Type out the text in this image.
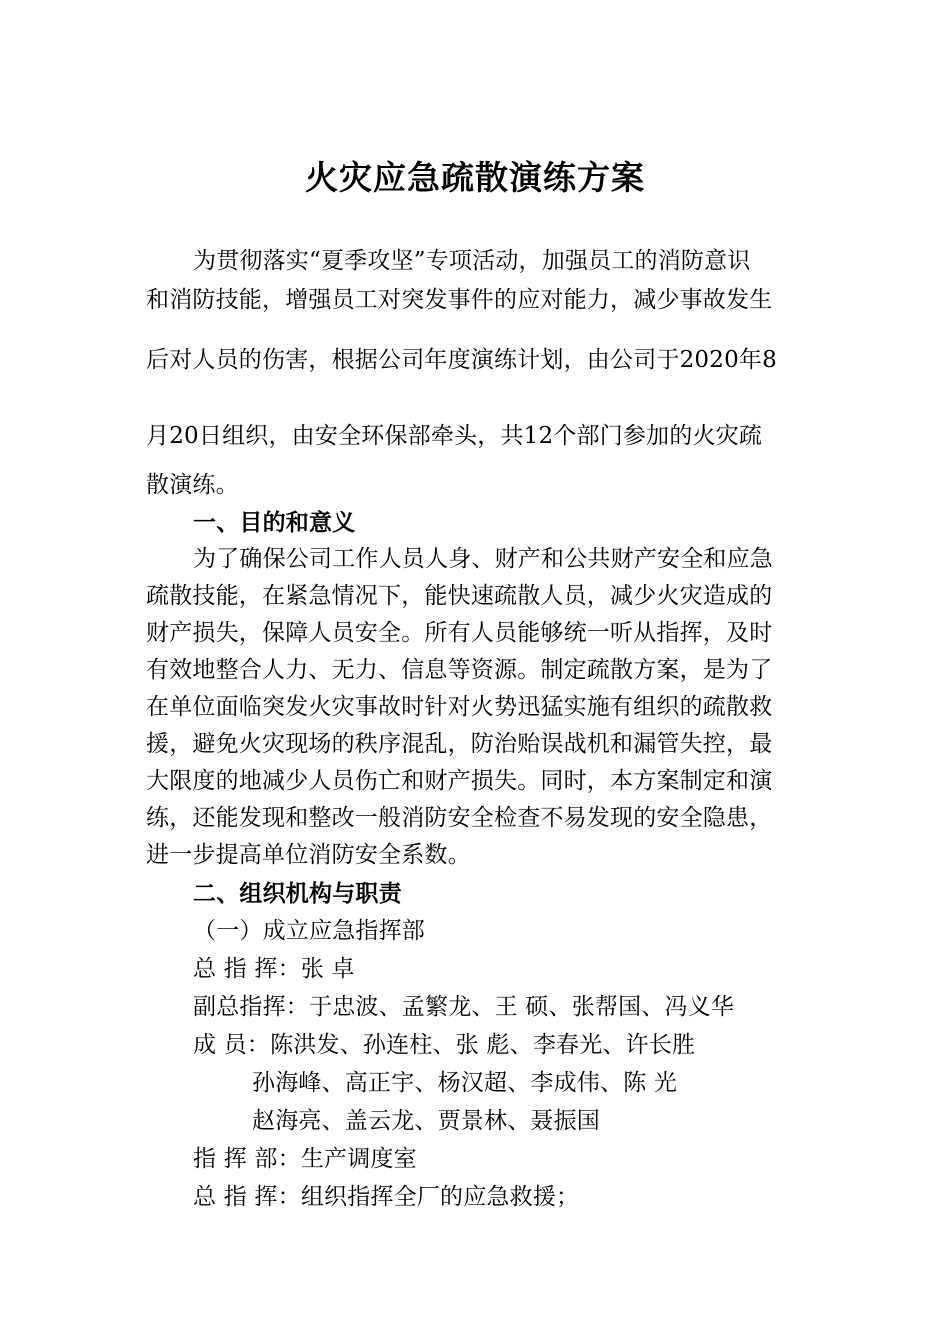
火灾应急疏散演练方案
为贯彻落实“夏季攻坚”专项活动，加强员工的消防意识
和消防技能，增强员工对突发事件的应对能力，减少事故发生
后对人员的伤害，根据公司年度演练计划，由公司于2020年8
月20日组织，由安全环保部牵头，共12个部门参加的火灾疏
散演练。
一、目的和意义
为了确保公司工作人员人身、财产和公共财产安全和应急
疏散技能，在紧急情况下，能快速疏散人员，减少火灾造成的
财产损失，保障人员安全。所有人员能够统一听从指挥，及时
有效地整合人力、无力、信息等资源。制定疏散方案，是为了
在单位面临突发火灾事故时针对火势迅猛实施有组织的疏散救
援，避免火灾现场的秩序混乱，防治贻误战机和漏管失控，最
大限度的地减少人员伤亡和财产损失。同时，本方案制定和演
练，还能发现和整改一般消防安全检查不易发现的安全隐患，
进一步提高单位消防安全系数。
二、组织机构与职责
（一）成立应急指挥部
总 指 挥：张 卓
副总指挥：于忠波、孟繁龙、王 硕、张帮国、冯义华
成 员：陈洪发、孙连柱、张 彪、李春光、许长胜
孙海峰、高正宇、杨汉超、李成伟、陈 光
赵海亮、盖云龙、贾景林、聂振国
指 挥 部：生产调度室
总 指 挥：组织指挥全厂的应急救援；
